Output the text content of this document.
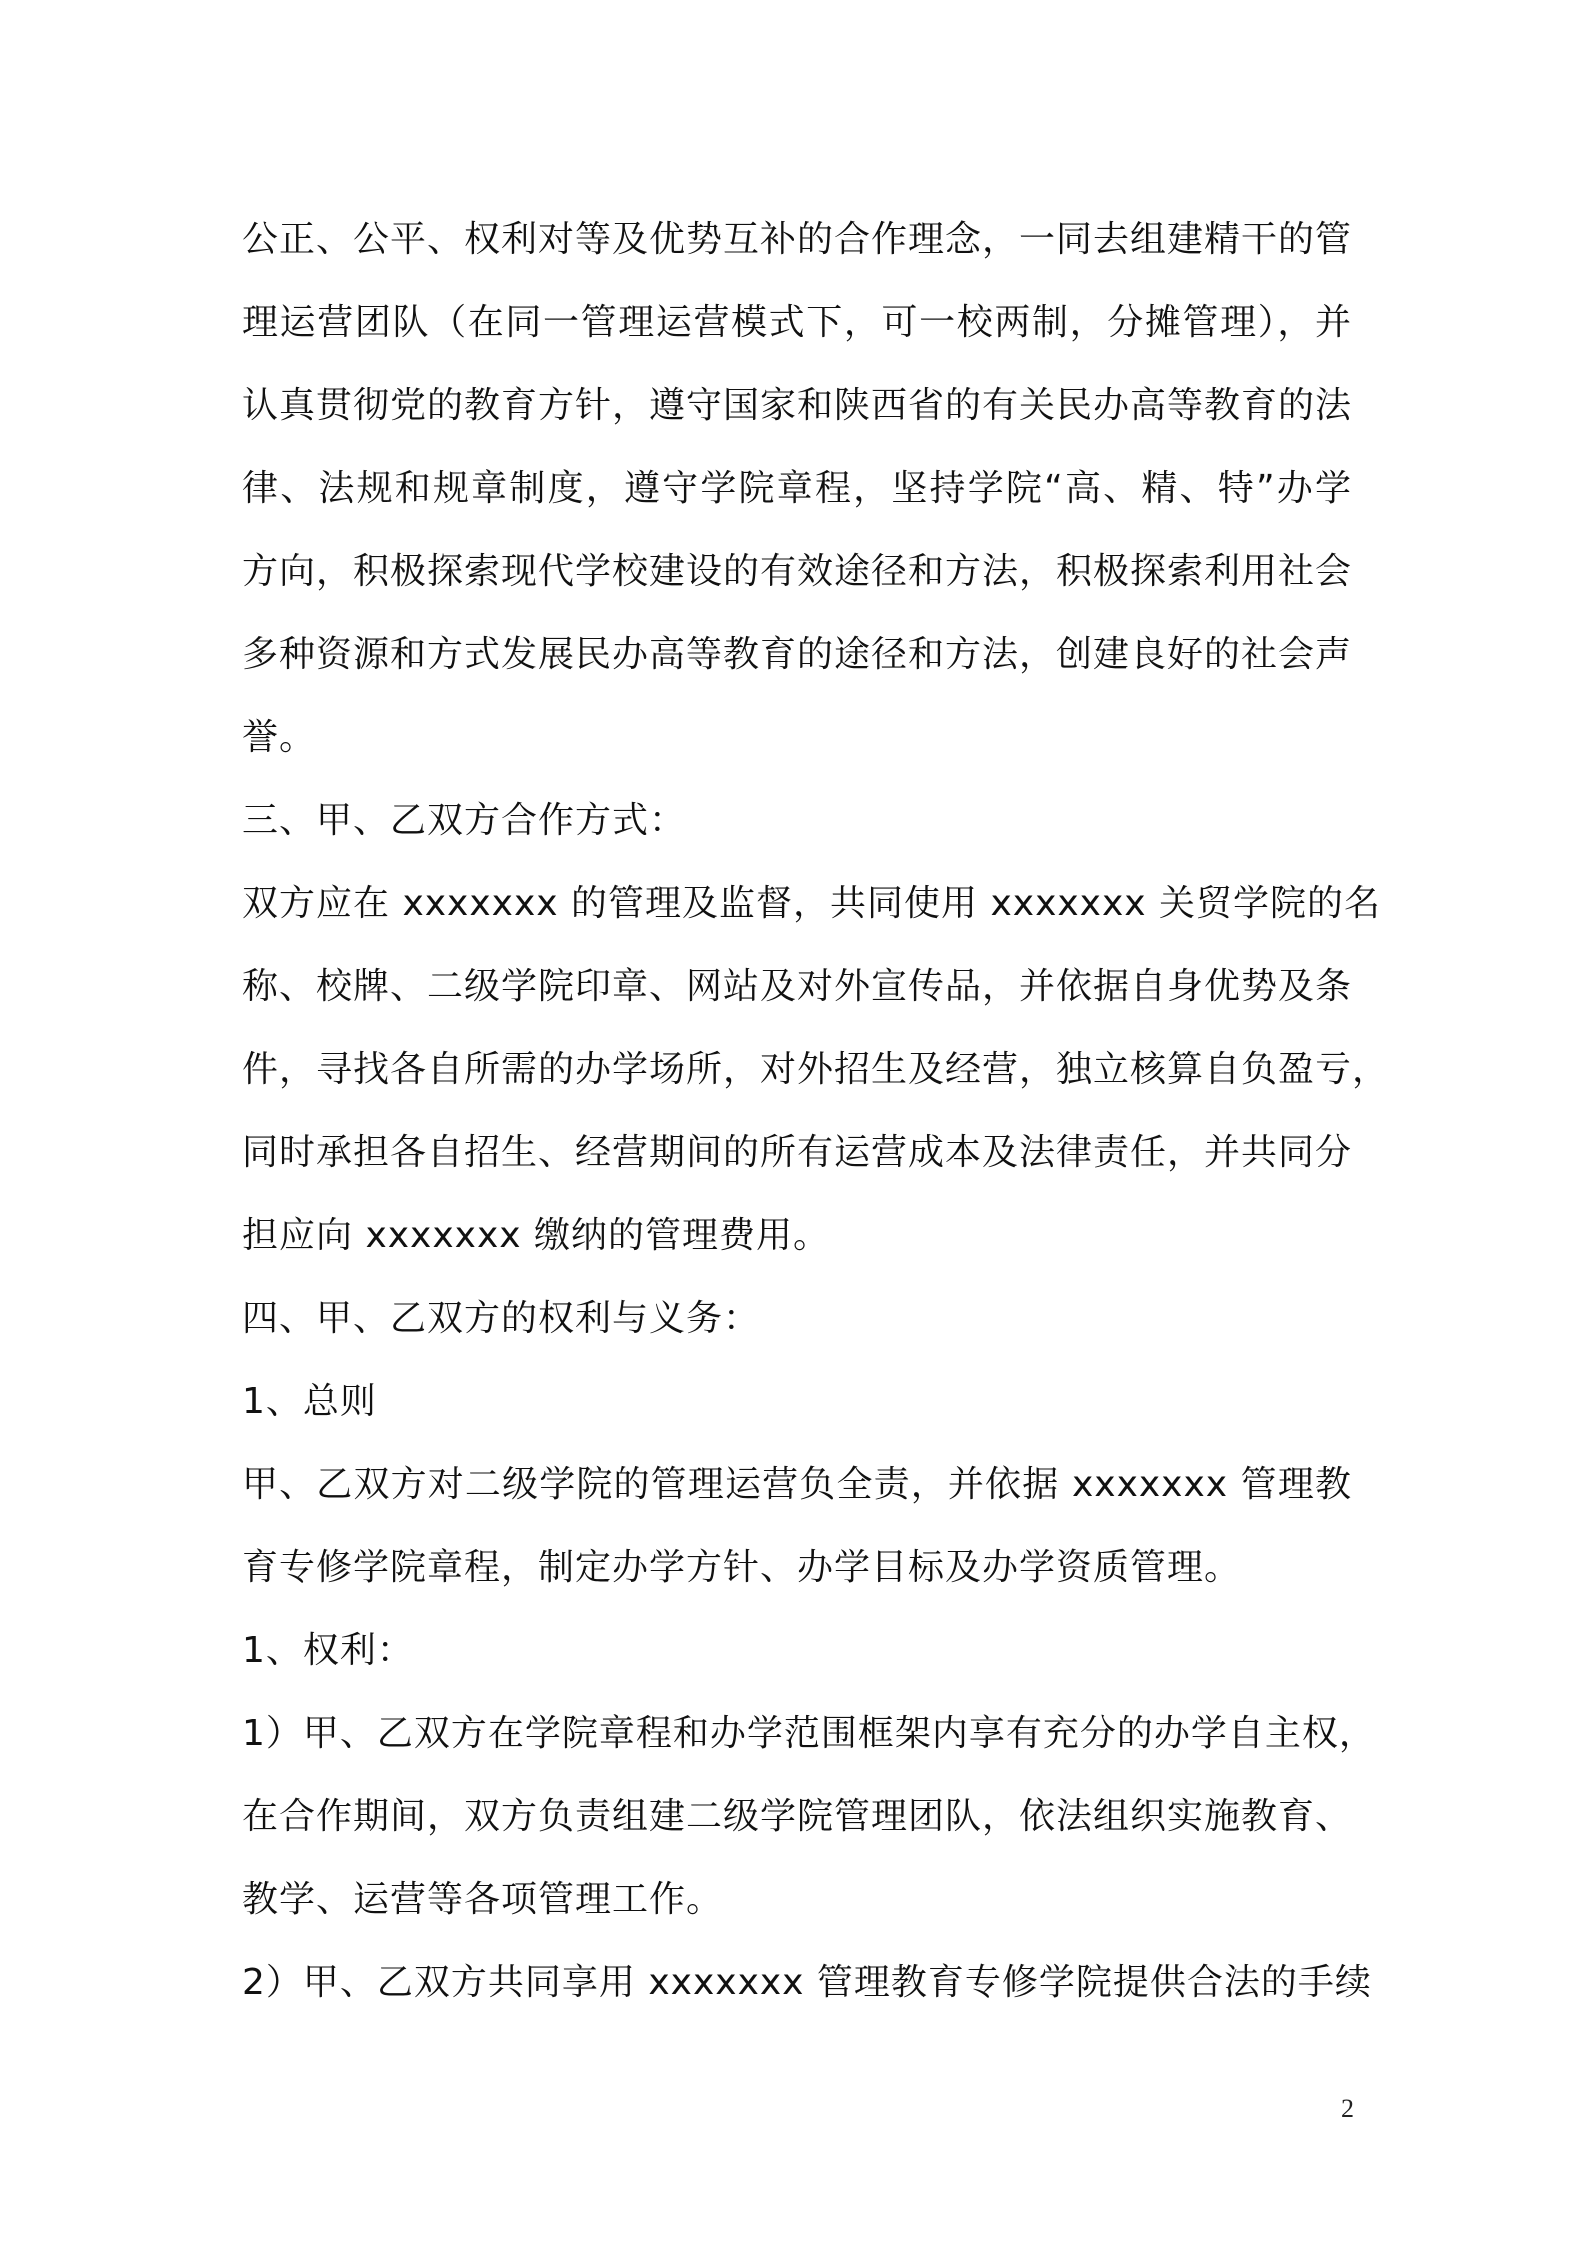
公正、公平、权利对等及优势互补的合作理念，一同去组建精干的管
理运营团队（在同一管理运营模式下，可一校两制，分摊管理），并
认真贯彻党的教育方针，遵守国家和陕西省的有关民办高等教育的法
律、法规和规章制度，遵守学院章程，坚持学院“高、精、特”办学
方向，积极探索现代学校建设的有效途径和方法，积极探索利用社会
多种资源和方式发展民办高等教育的途径和方法，创建良好的社会声
誉。
三、甲、乙双方合作方式：
双方应在 xxxxxxx 的管理及监督，共同使用 xxxxxxx 关贸学院的名
称、校牌、二级学院印章、网站及对外宣传品，并依据自身优势及条
件，寻找各自所需的办学场所，对外招生及经营，独立核算自负盈亏，
同时承担各自招生、经营期间的所有运营成本及法律责任，并共同分
担应向 xxxxxxx 缴纳的管理费用。
四、甲、乙双方的权利与义务：
1、总则
甲、乙双方对二级学院的管理运营负全责，并依据 xxxxxxx 管理教
育专修学院章程，制定办学方针、办学目标及办学资质管理。
1、权利：
1）甲、乙双方在学院章程和办学范围框架内享有充分的办学自主权，
在合作期间，双方负责组建二级学院管理团队，依法组织实施教育、
教学、运营等各项管理工作。
2）甲、乙双方共同享用 xxxxxxx 管理教育专修学院提供合法的手续
2
